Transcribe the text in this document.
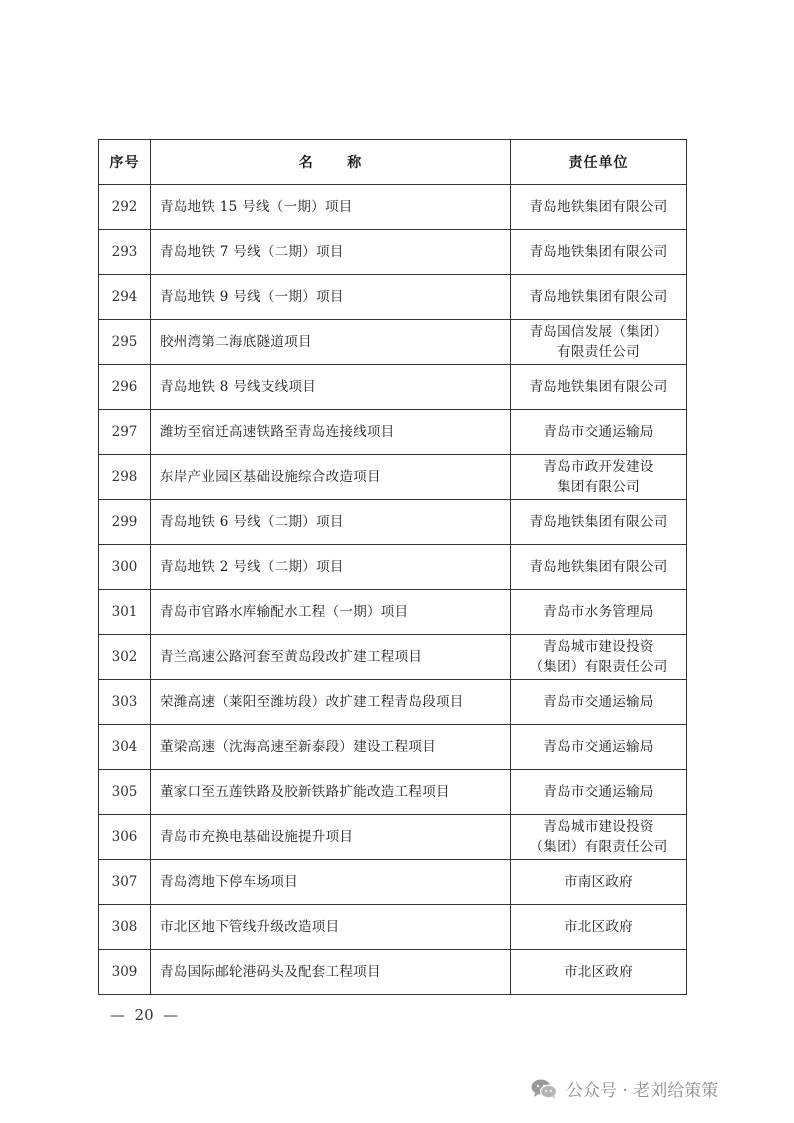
序号	名 称	责任单位
292	青岛地铁 15 号线（一期）项目	青岛地铁集团有限公司
293	青岛地铁 7 号线（二期）项目	青岛地铁集团有限公司
294	青岛地铁 9 号线（一期）项目	青岛地铁集团有限公司
295	胶州湾第二海底隧道项目	青岛国信发展（集团）
有限责任公司

296	青岛地铁 8 号线支线项目	青岛地铁集团有限公司
297	潍坊至宿迁高速铁路至青岛连接线项目	青岛市交通运输局
298	东岸产业园区基础设施综合改造项目	青岛市政开发建设
集团有限公司

299	青岛地铁 6 号线（二期）项目	青岛地铁集团有限公司
300	青岛地铁 2 号线（二期）项目	青岛地铁集团有限公司
301	青岛市官路水库输配水工程（一期）项目	青岛市水务管理局
302	青兰高速公路河套至黄岛段改扩建工程项目	青岛城市建设投资
（集团）有限责任公司

303	荣潍高速（莱阳至潍坊段）改扩建工程青岛段项目	青岛市交通运输局
304	董梁高速（沈海高速至新泰段）建设工程项目	青岛市交通运输局
305	董家口至五莲铁路及胶新铁路扩能改造工程项目	青岛市交通运输局
306	青岛市充换电基础设施提升项目	青岛城市建设投资
（集团）有限责任公司

307	青岛湾地下停车场项目	市南区政府
308	市北区地下管线升级改造项目	市北区政府
309	青岛国际邮轮港码头及配套工程项目	市北区政府
—  20  —
公众号 · 老刘给策策
